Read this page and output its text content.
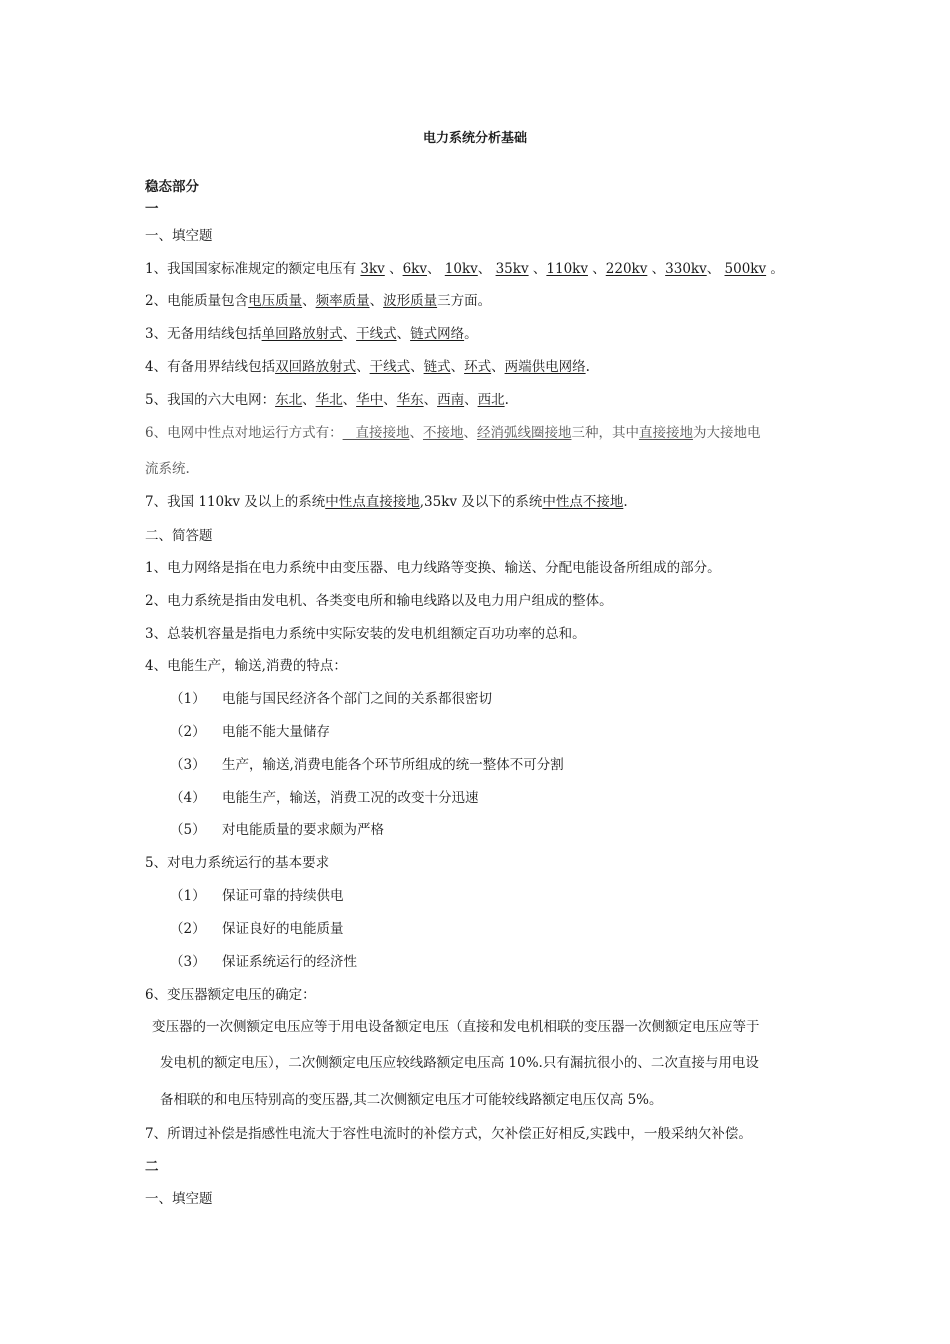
电力系统分析基础
稳态部分
一
一、填空题
1、我国国家标准规定的额定电压有 3kv 、6kv、 10kv、 35kv 、110kv 、220kv 、330kv、 500kv 。
2、电能质量包含电压质量、频率质量、波形质量三方面。
3、无备用结线包括单回路放射式、干线式、链式网络。
4、有备用界结线包括双回路放射式、干线式、链式、环式、两端供电网络.
5、我国的六大电网：东北、华北、华中、华东、西南、西北.
6、电网中性点对地运行方式有：   直接接地、不接地、经消弧线圈接地三种，其中直接接地为大接地电
流系统.
7、我国 110kv 及以上的系统中性点直接接地,35kv 及以下的系统中性点不接地.
二、简答题
1、电力网络是指在电力系统中由变压器、电力线路等变换、输送、分配电能设备所组成的部分。
2、电力系统是指由发电机、各类变电所和输电线路以及电力用户组成的整体。
3、总装机容量是指电力系统中实际安装的发电机组额定百功功率的总和。
4、电能生产，输送,消费的特点：
（1） 电能与国民经济各个部门之间的关系都很密切
（2） 电能不能大量储存
（3） 生产，输送,消费电能各个环节所组成的统一整体不可分割
（4） 电能生产，输送，消费工况的改变十分迅速
（5） 对电能质量的要求颇为严格
5、对电力系统运行的基本要求
（1） 保证可靠的持续供电
（2） 保证良好的电能质量
（3） 保证系统运行的经济性
6、变压器额定电压的确定：
变压器的一次侧额定电压应等于用电设备额定电压（直接和发电机相联的变压器一次侧额定电压应等于
发电机的额定电压），二次侧额定电压应较线路额定电压高 10%.只有漏抗很小的、二次直接与用电设
备相联的和电压特别高的变压器,其二次侧额定电压才可能较线路额定电压仅高 5%。
7、所谓过补偿是指感性电流大于容性电流时的补偿方式，欠补偿正好相反,实践中，一般采纳欠补偿。
二
一、填空题
